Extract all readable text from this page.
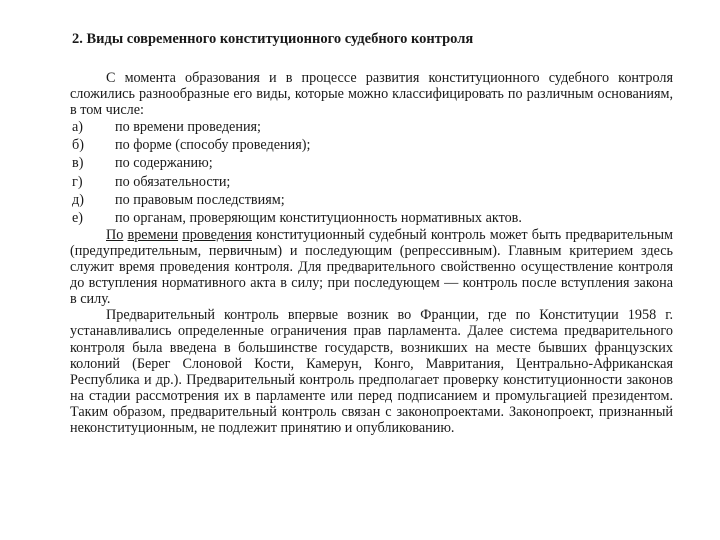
2. Виды современного конституционного судебного контроля

С момента образования и в процессе развития конституционного судебного контроля сложились разнообразные его виды, которые можно классифицировать по различным основаниям, в том числе:

а)	по времени проведения;
б)	по форме (способу проведения);
в)	по содержанию;
г)	по обязательности;
д)	по правовым последствиям;
е)	по органам, проверяющим конституционность нормативных актов.

По времени проведения конституционный судебный контроль может быть предварительным (предупредительным, первичным) и последующим (репрессивным). Главным критерием здесь служит время проведения контроля. Для предварительного свойственно осуществление контроля до вступления нормативного акта в силу; при последующем — контроль после вступления закона в силу.

Предварительный контроль впервые возник во Франции, где по Конституции 1958 г. устанавливались определенные ограничения прав парламента. Далее система предварительного контроля была введена в большинстве государств, возникших на месте бывших французских колоний (Берег Слоновой Кости, Камерун, Конго, Мавритания, Центрально-Африканская Республика и др.). Предварительный контроль предполагает проверку конституционности законов на стадии рассмотрения их в парламенте или перед подписанием и промульгацией президентом. Таким образом, предварительный контроль связан с законопроектами. Законопроект, признанный неконституционным, не подлежит принятию и опубликованию.
